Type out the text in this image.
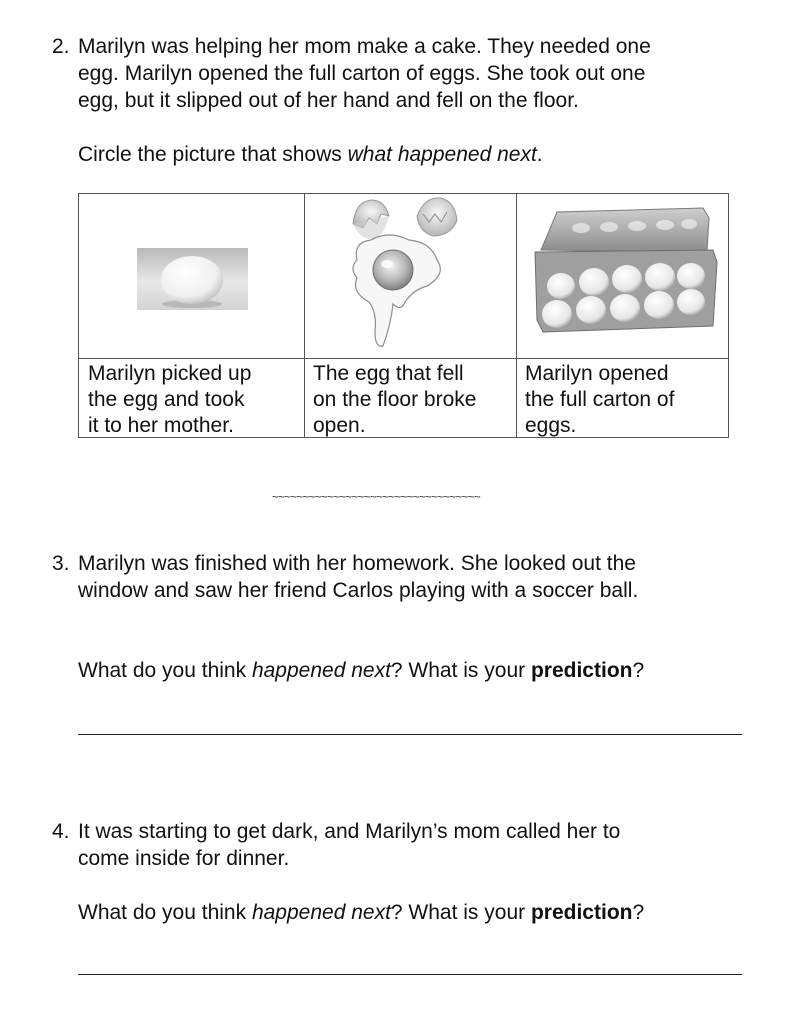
2. Marilyn was helping her mom make a cake. They needed one
egg. Marilyn opened the full carton of eggs. She took out one
egg, but it slipped out of her hand and fell on the floor.
Circle the picture that shows what happened next.
Marilyn picked up
the egg and took
it to her mother.
The egg that fell
on the floor broke
open.
Marilyn opened
the full carton of
eggs.
~~~~~~~~~~~~~~~~~~~~~~~~~~~~~~~~~~
3. Marilyn was finished with her homework. She looked out the
window and saw her friend Carlos playing with a soccer ball.
What do you think happened next? What is your prediction?
4. It was starting to get dark, and Marilyn’s mom called her to
come inside for dinner.
What do you think happened next? What is your prediction?
